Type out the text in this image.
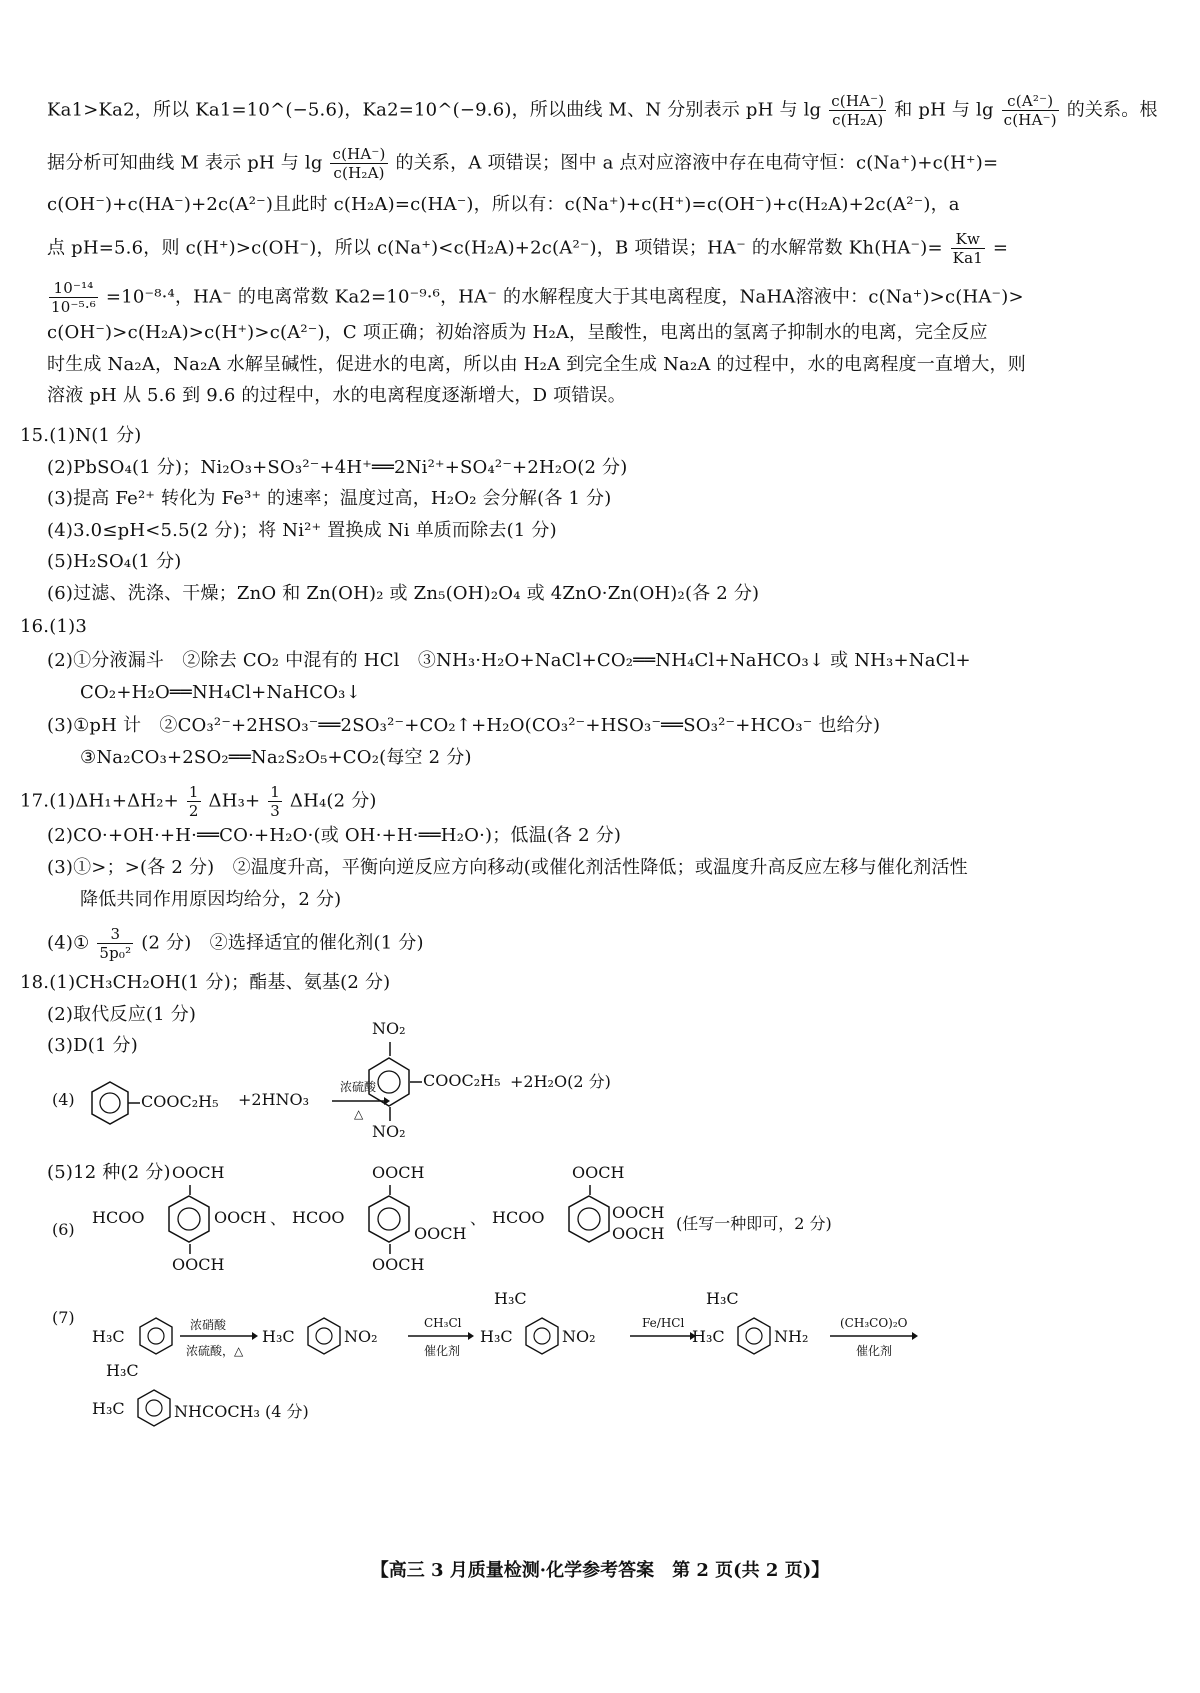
Ka1>Ka2，所以 Ka1=10^(−5.6)，Ka2=10^(−9.6)，所以曲线 M、N 分别表示 pH 与 $\lg \frac{c(HA^-)}{\text{c(H₂A)}}$ 和 pH 与 $\lg \frac{\text{c(A²⁻)}}{c(HA^-)}$ 的关系。根
据分析可知曲线 M 表示 pH 与 $\lg \frac{c(HA^-)}{\text{c(H₂A)}}$ 的关系，A 项错误；图中 a 点对应溶液中存在电荷守恒：c(Na⁺)+c(H⁺)=
c(OH⁻)+c(HA⁻)+2c(A²⁻)且此时 c(H₂A)=c(HA⁻)，所以有：c(Na⁺)+c(H⁺)=c(OH⁻)+c(H₂A)+2c(A²⁻)，a
点 pH=5.6，则 c(H⁺)>c(OH⁻)，所以 c(Na⁺)<c(H₂A)+2c(A²⁻)，B 项错误；HA⁻ 的水解常数 $Kh(HA^-)= \frac{Kw}{Ka1}$ =
$\frac{\text{10⁻¹⁴}}{\text{10⁻⁵·⁶}} =10^{-8}\cdot^4$，HA⁻ 的电离常数 Ka2=10⁻⁹·⁶，HA⁻ 的水解程度大于其电离程度，NaHA溶液中：c(Na⁺)>c(HA⁻)>
c(OH⁻)>c(H₂A)>c(H⁺)>c(A²⁻)，C 项正确；初始溶质为 H₂A，呈酸性，电离出的氢离子抑制水的电离，完全反应
时生成 Na₂A，Na₂A 水解呈碱性，促进水的电离，所以由 H₂A 到完全生成 Na₂A 的过程中，水的电离程度一直增大，则
溶液 pH 从 5.6 到 9.6 的过程中，水的电离程度逐渐增大，D 项错误。
15.(1)N(1 分)
(2)PbSO₄(1 分)；Ni₂O₃+SO₃²⁻+4H⁺══2Ni²⁺+SO₄²⁻+2H₂O(2 分)
(3)提高 Fe²⁺ 转化为 Fe³⁺ 的速率；温度过高，H₂O₂ 会分解(各 1 分)
(4)3.0≤pH<5.5(2 分)；将 Ni²⁺ 置换成 Ni 单质而除去(1 分)
(5)H₂SO₄(1 分)
(6)过滤、洗涤、干燥；ZnO 和 Zn(OH)₂ 或 Zn₅(OH)₂O₄ 或 4ZnO·Zn(OH)₂(各 2 分)
16.(1)3
(2)①分液漏斗　②除去 CO₂ 中混有的 HCl　③NH₃·H₂O+NaCl+CO₂══NH₄Cl+NaHCO₃↓ 或 NH₃+NaCl+
CO₂+H₂O══NH₄Cl+NaHCO₃↓
(3)①pH 计　②CO₃²⁻+2HSO₃⁻══2SO₃²⁻+CO₂↑+H₂O(CO₃²⁻+HSO₃⁻══SO₃²⁻+HCO₃⁻ 也给分)
③Na₂CO₃+2SO₂══Na₂S₂O₅+CO₂(每空 2 分)
$17.(1)\Delta H_1+\Delta H_2+ \frac{1}{2} \Delta H_3+ \frac{1}{3} \Delta H_4(2$ 分)
(2)CO·+OH·+H·══CO·+H₂O·(或 OH·+H·══H₂O·)；低温(各 2 分)
(3)①>；>(各 2 分)　②温度升高，平衡向逆反应方向移动(或催化剂活性降低；或温度升高反应左移与催化剂活性
降低共同作用原因均给分，2 分)
(4)① $\frac{3}{\text{5p₀²}} (2$ 分)　②选择适宜的催化剂(1 分)
18.(1)CH₃CH₂OH(1 分)；酯基、氨基(2 分)
(2)取代反应(1 分)
(3)D(1 分)
(4)	COOC₂H₅ +2HNO₃
浓硫酸
△
NO₂
NO₂
COOC₂H₅ +2H₂O(2 分)
(5)12 种(2 分)
(6)
OOCH
HCOO	OOCH
OOCH
、
OOCH
HCOO
OOCH
OOCH
、
OOCH
HCOO	OOCH
OOCH
(任写一种即可，2 分)
(7)
H₃C
浓硝酸
浓硫酸，△
H₃C	NO₂
CH₃Cl
催化剂
H₃C
H₃C	NO₂
Fe/HCl
H₃C
H₃C	NH₂
(CH₃CO)₂O
催化剂
H₃C
H₃C	NHCOCH₃ (4 分)
【高三 3 月质量检测·化学参考答案　第 2 页(共 2 页)】
